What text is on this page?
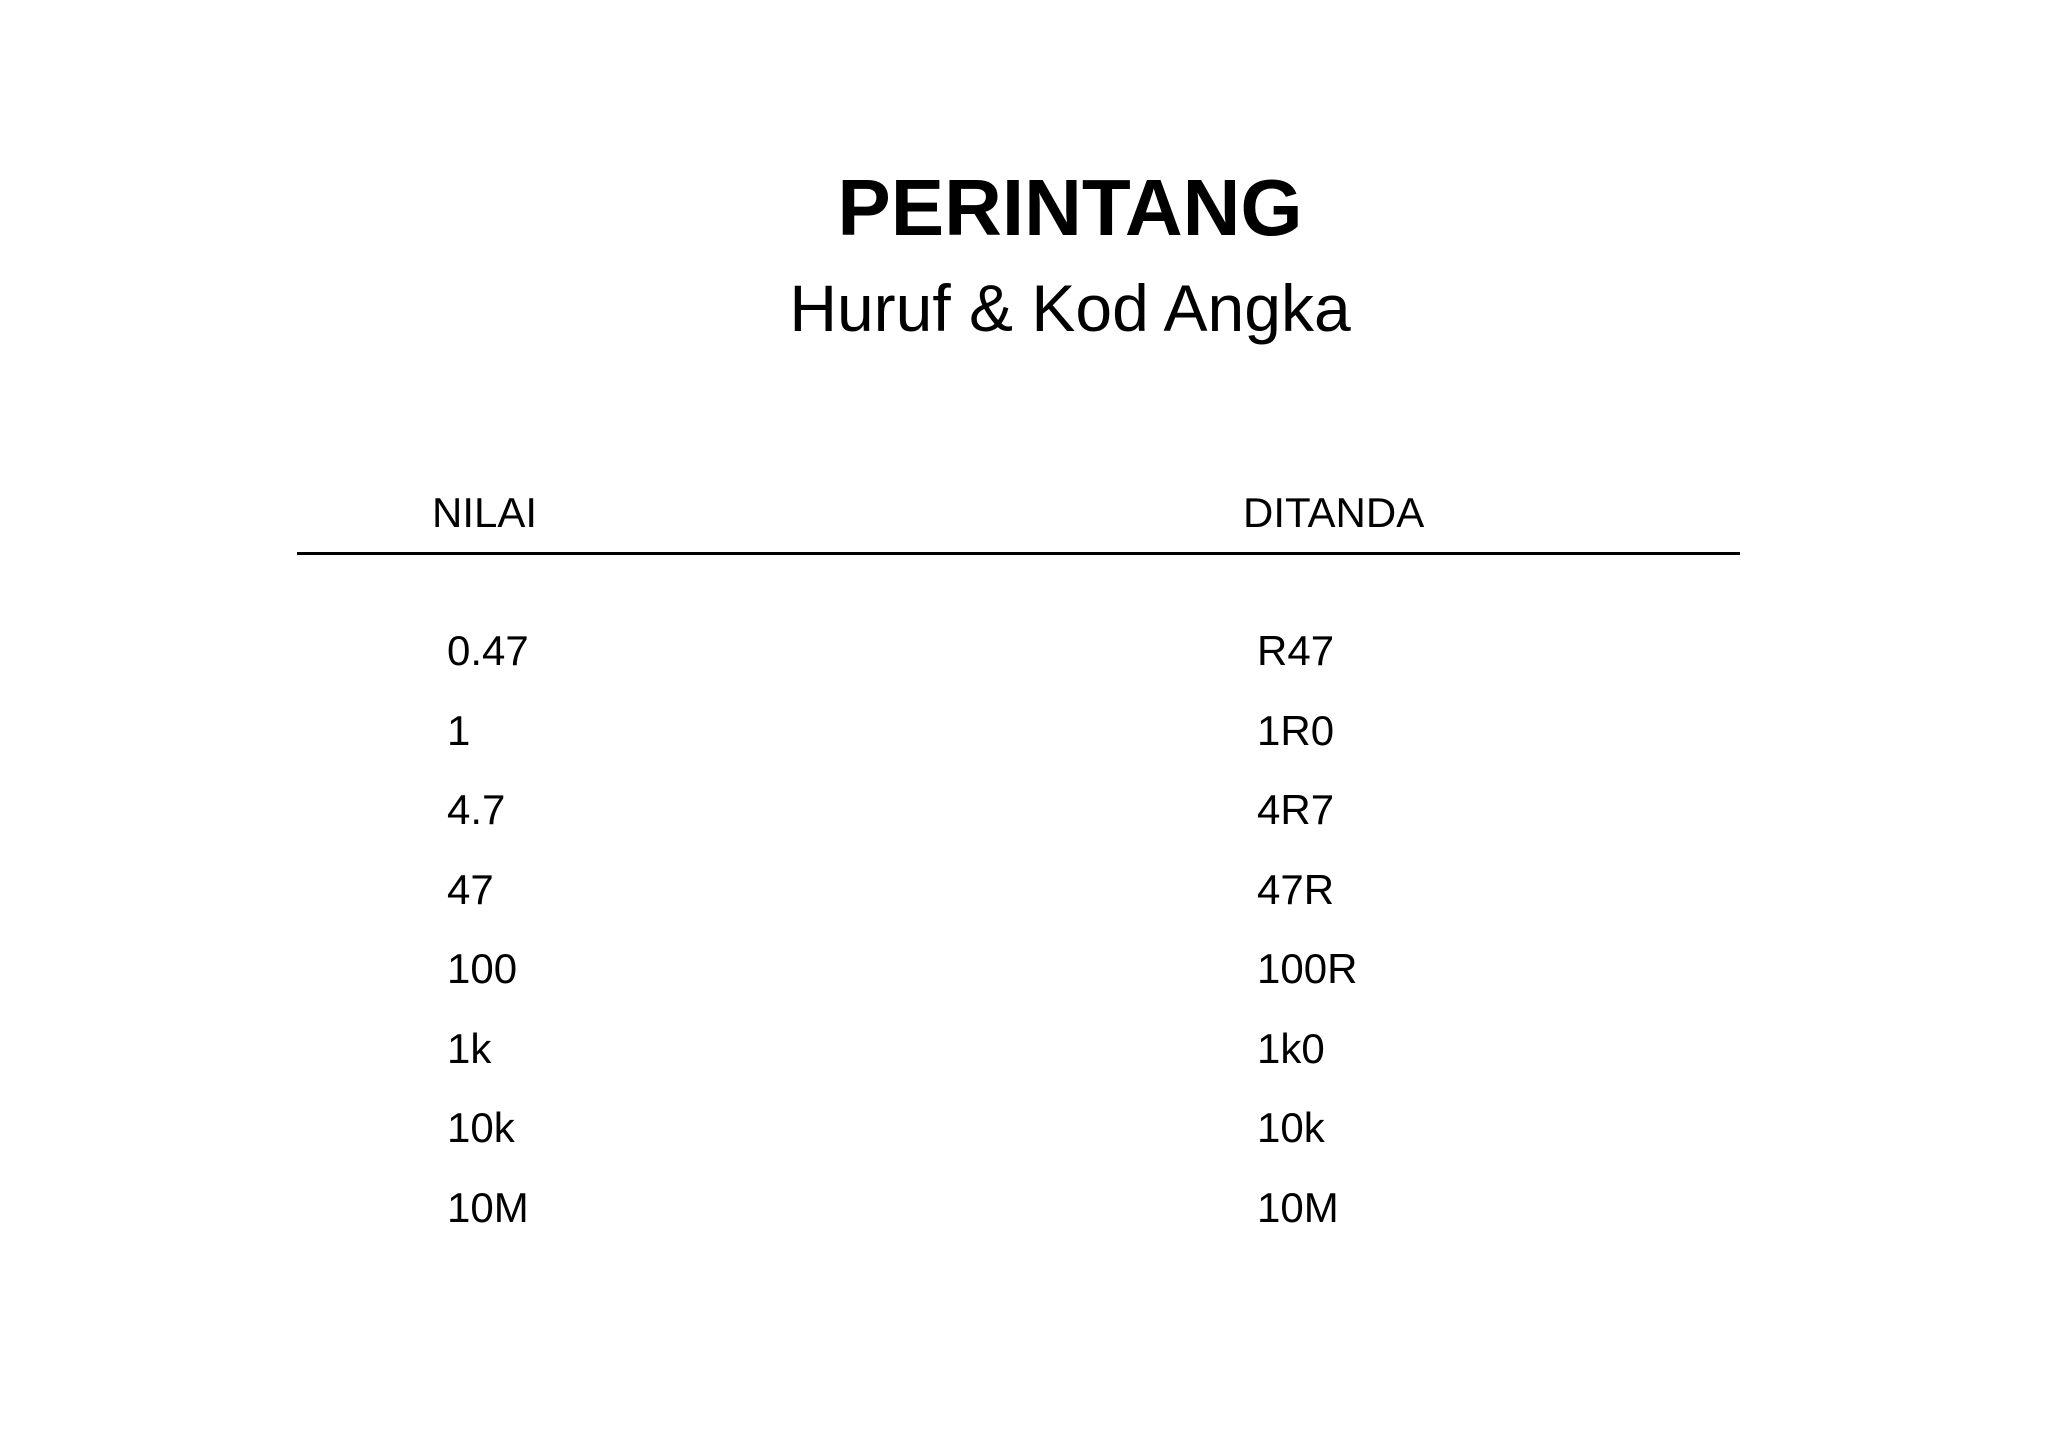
PERINTANG
Huruf & Kod Angka
NILAI	DITANDA
0.47	R47
1	1R0
4.7	4R7
47	47R
100	100R
1k	1k0
10k	10k
10M	10M
